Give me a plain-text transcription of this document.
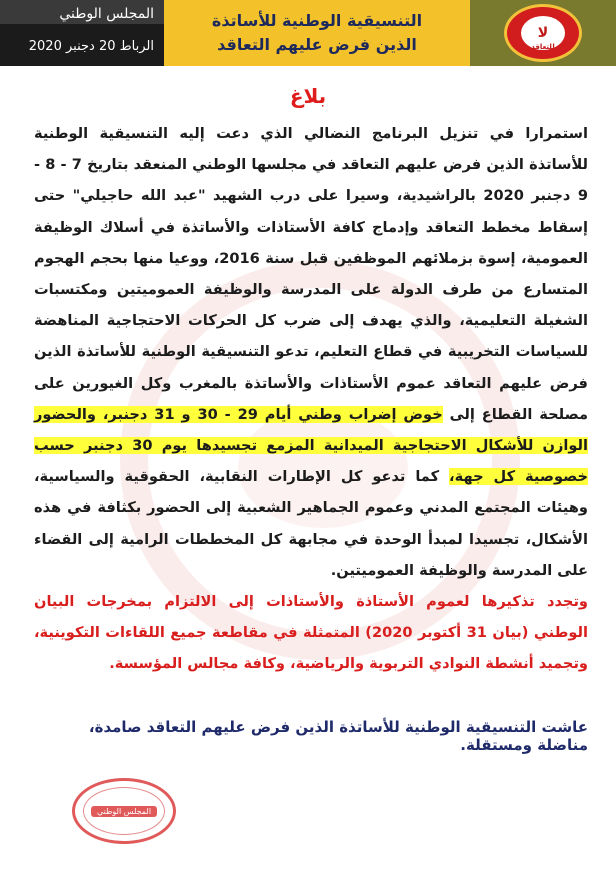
المجلس الوطني
الرباط 20 دجنبر 2020
التنسيقية الوطنية للأساتذة
الذين فرض عليهم التعاقد
لا
للتعاقد
بلاغ

استمرارا في تنزيل البرنامج النضالي الذي دعت إليه التنسيقية الوطنية للأساتذة الذين فرض عليهم التعاقد في مجلسها الوطني المنعقد بتاريخ 7 - 8 - 9 دجنبر 2020 بالراشيدية، وسيرا على درب الشهيد "عبد الله حاجيلي" حتى إسقاط مخطط التعاقد وإدماج كافة الأستاذات والأساتذة في أسلاك الوظيفة العمومية، إسوة بزملائهم الموظفين قبل سنة 2016، ووعيا منها بحجم الهجوم المتسارع من طرف الدولة على المدرسة والوظيفة العموميتين ومكتسبات الشغيلة التعليمية، والذي يهدف إلى ضرب كل الحركات الاحتجاجية المناهضة للسياسات التخريبية في قطاع التعليم، تدعو التنسيقية الوطنية للأساتذة الذين فرض عليهم التعاقد عموم الأستاذات والأساتذة بالمغرب وكل الغيورين على مصلحة القطاع إلى خوض إضراب وطني أيام 29 - 30 و 31 دجنبر، والحضور الوازن للأشكال الاحتجاجية الميدانية المزمع تجسيدها يوم 30 دجنبر حسب خصوصية كل جهة، كما تدعو كل الإطارات النقابية، الحقوقية والسياسية، وهيئات المجتمع المدني وعموم الجماهير الشعبية إلى الحضور بكثافة في هذه الأشكال، تجسيدا لمبدأ الوحدة في مجابهة كل المخططات الرامية إلى القضاء على المدرسة والوظيفة العموميتين.

وتجدد تذكيرها لعموم الأستاذة والأستاذات إلى الالتزام بمخرجات البيان الوطني (بيان 31 أكتوبر 2020) المتمثلة في مقاطعة جميع اللقاءات التكوينية، وتجميد أنشطة النوادي التربوية والرياضية، وكافة مجالس المؤسسة.

عاشت التنسيقية الوطنية للأساتذة الذين فرض عليهم التعاقد صامدة، مناضلة ومستقلة.
المجلس الوطني
